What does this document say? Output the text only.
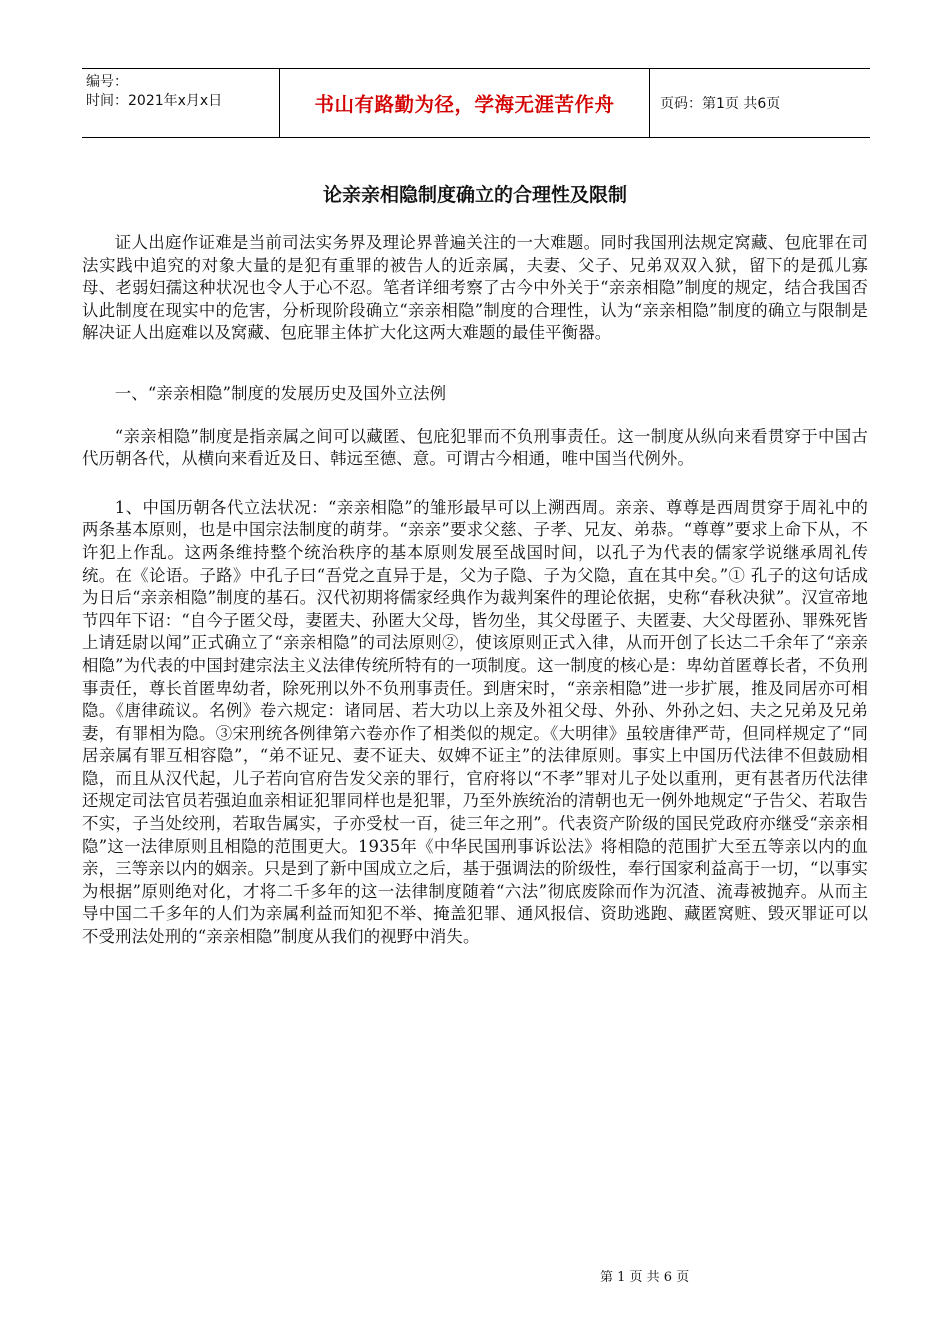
编号：
时间：2021年x月x日	书山有路勤为径，学海无涯苦作舟	页码：第1页 共6页
论亲亲相隐制度确立的合理性及限制

证人出庭作证难是当前司法实务界及理论界普遍关注的一大难题。同时我国刑法规定窝藏、包庇罪在司法实践中追究的对象大量的是犯有重罪的被告人的近亲属，夫妻、父子、兄弟双双入狱，留下的是孤儿寡母、老弱妇孺这种状况也令人于心不忍。笔者详细考察了古今中外关于“亲亲相隐”制度的规定，结合我国否认此制度在现实中的危害，分析现阶段确立“亲亲相隐”制度的合理性，认为“亲亲相隐”制度的确立与限制是解决证人出庭难以及窝藏、包庇罪主体扩大化这两大难题的最佳平衡器。

一、“亲亲相隐”制度的发展历史及国外立法例

“亲亲相隐”制度是指亲属之间可以藏匿、包庇犯罪而不负刑事责任。这一制度从纵向来看贯穿于中国古代历朝各代，从横向来看近及日、韩远至德、意。可谓古今相通，唯中国当代例外。

1、中国历朝各代立法状况：“亲亲相隐”的雏形最早可以上溯西周。亲亲、尊尊是西周贯穿于周礼中的两条基本原则，也是中国宗法制度的萌芽。“亲亲”要求父慈、子孝、兄友、弟恭。“尊尊”要求上命下从，不许犯上作乱。这两条维持整个统治秩序的基本原则发展至战国时间，以孔子为代表的儒家学说继承周礼传统。在《论语。子路》中孔子曰“吾党之直异于是，父为子隐、子为父隐，直在其中矣。”① 孔子的这句话成为日后“亲亲相隐”制度的基石。汉代初期将儒家经典作为裁判案件的理论依据，史称“春秋决狱”。汉宣帝地节四年下诏：“自今子匿父母，妻匿夫、孙匿大父母，皆勿坐，其父母匿子、夫匿妻、大父母匿孙、罪殊死皆上请廷尉以闻”正式确立了“亲亲相隐”的司法原则②，使该原则正式入律，从而开创了长达二千余年了“亲亲相隐”为代表的中国封建宗法主义法律传统所特有的一项制度。这一制度的核心是：卑幼首匿尊长者，不负刑事责任，尊长首匿卑幼者，除死刑以外不负刑事责任。到唐宋时，“亲亲相隐”进一步扩展，推及同居亦可相隐。《唐律疏议。名例》卷六规定：诸同居、若大功以上亲及外祖父母、外孙、外孙之妇、夫之兄弟及兄弟妻，有罪相为隐。③宋刑统各例律第六卷亦作了相类似的规定。《大明律》虽较唐律严苛，但同样规定了“同居亲属有罪互相容隐”，“弟不证兄、妻不证夫、奴婢不证主”的法律原则。事实上中国历代法律不但鼓励相隐，而且从汉代起，儿子若向官府告发父亲的罪行，官府将以“不孝”罪对儿子处以重刑，更有甚者历代法律还规定司法官员若强迫血亲相证犯罪同样也是犯罪，乃至外族统治的清朝也无一例外地规定“子告父、若取告不实，子当处绞刑，若取告属实，子亦受杖一百，徒三年之刑”。代表资产阶级的国民党政府亦继受“亲亲相隐”这一法律原则且相隐的范围更大。1935年《中华民国刑事诉讼法》将相隐的范围扩大至五等亲以内的血亲，三等亲以内的姻亲。只是到了新中国成立之后，基于强调法的阶级性，奉行国家利益高于一切，“以事实为根据”原则绝对化，才将二千多年的这一法律制度随着“六法”彻底废除而作为沉渣、流毒被抛弃。从而主导中国二千多年的人们为亲属利益而知犯不举、掩盖犯罪、通风报信、资助逃跑、藏匿窝赃、毁灭罪证可以不受刑法处刑的“亲亲相隐”制度从我们的视野中消失。

第 1 页 共 6 页
